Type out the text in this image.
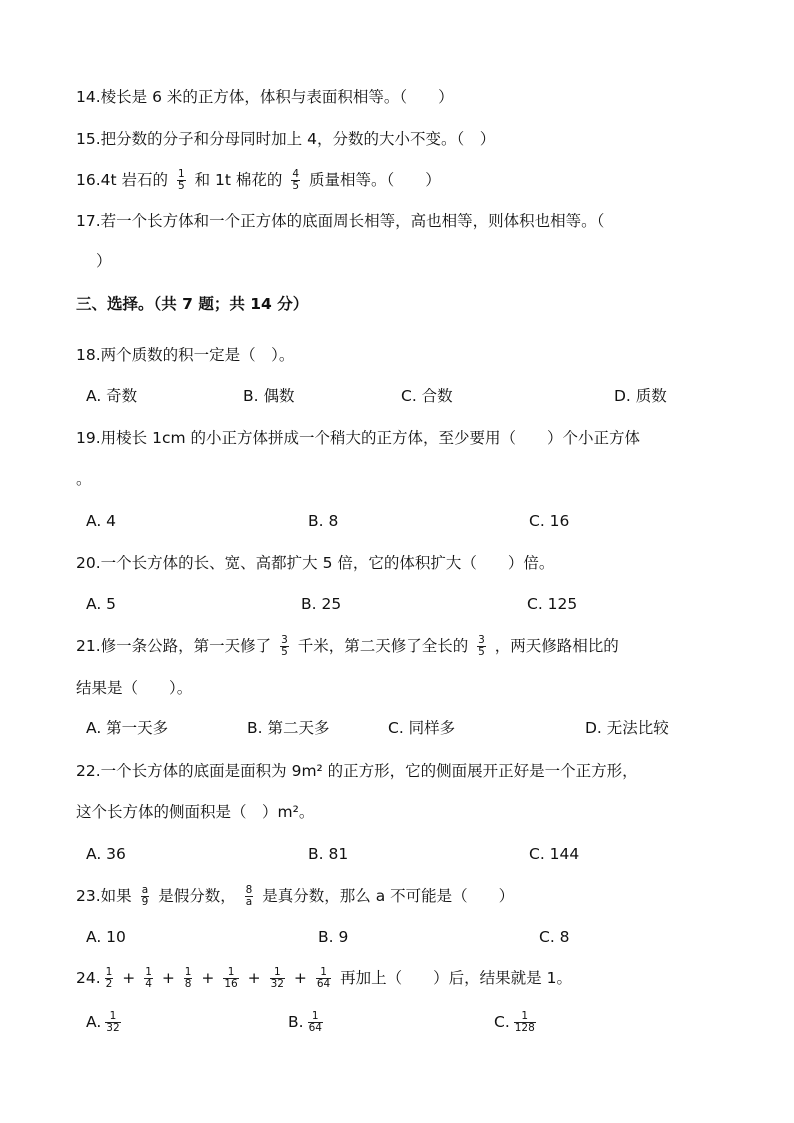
14.棱长是 6 米的正方体，体积与表面积相等。（　　）
15.把分数的分子和分母同时加上 4，分数的大小不变。（　）
16.4t 岩石的 $\frac{1}{5}$ 和 1t 棉花的 $\frac{4}{5}$ 质量相等。（　　）
17.若一个长方体和一个正方体的底面周长相等，高也相等，则体积也相等。（
）
三、选择。（共 7 题；共 14 分）
18.两个质数的积一定是（　）。
A. 奇数	B. 偶数	C. 合数	D. 质数
19.用棱长 1cm 的小正方体拼成一个稍大的正方体，至少要用（　　）个小正方体
。
A. 4	B. 8	C. 16
20.一个长方体的长、宽、高都扩大 5 倍，它的体积扩大（　　）倍。
A. 5	B. 25	C. 125
21.修一条公路，第一天修了 $\frac{3}{5}$ 千米，第二天修了全长的 $\frac{3}{5}$ ，两天修路相比的
结果是（　　）。
A. 第一天多	B. 第二天多	C. 同样多	D. 无法比较
22.一个长方体的底面是面积为 9m² 的正方形，它的侧面展开正好是一个正方形，
这个长方体的侧面积是（　）m²。
A. 36	B. 81	C. 144
23.如果 $\frac{a}{9}$ 是假分数， $\frac{8}{a}$ 是真分数，那么 a 不可能是（　　）
A. 10	B. 9	C. 8
24. $\frac{1}{2} + \frac{1}{4} + \frac{1}{8} + \frac{1}{16} + \frac{1}{32} + \frac{1}{64}$ 再加上（　　）后，结果就是 1。
A. $\frac{1}{32}$	B. $\frac{1}{64}$	C. $\frac{1}{128}$
